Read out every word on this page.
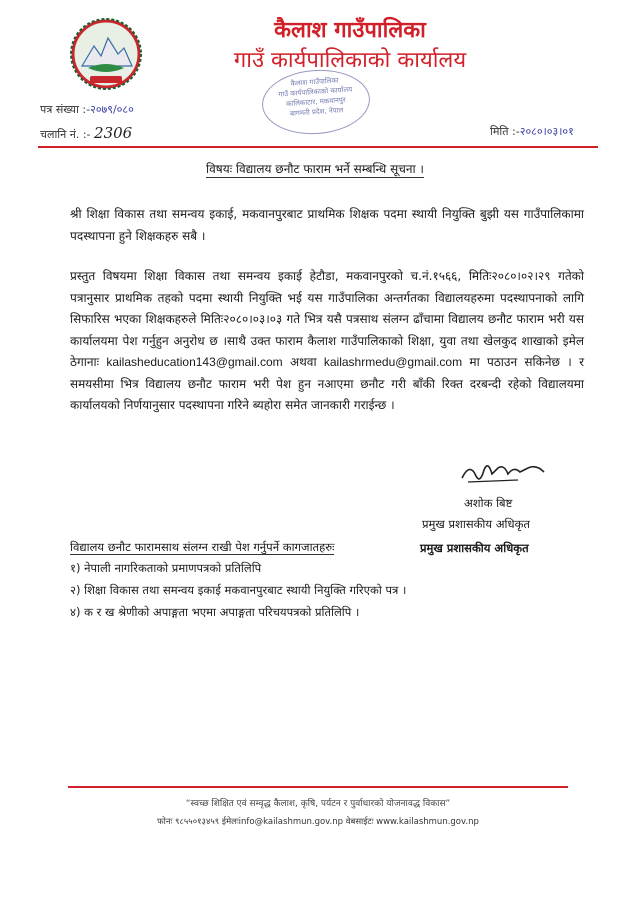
कैलाश गाउँपालिका
गाउँ कार्यपालिकाको कार्यालय
कैलाश गाउँपालिका
गाउँ कार्यपालिकाको कार्यालय
कालिकाटार, मकवानपुर
बागमती प्रदेश, नेपाल
पत्र संख्या :-२०७९/०८०
चलानि नं. :- 2306	मिति :-२०८०।०३।०१
विषयः विद्यालय छनौट फाराम भर्ने सम्बन्धि सूचना ।
श्री शिक्षा विकास तथा समन्वय इकाई, मकवानपुरबाट प्राथमिक शिक्षक पदमा स्थायी नियुक्ति बुझी यस गाउँपालिकामा पदस्थापना हुने शिक्षकहरु सबै ।
प्रस्तुत विषयमा शिक्षा विकास तथा समन्वय इकाई हेटौडा, मकवानपुरको च.नं.१५६६, मितिः२०८०।०२।२९ गतेको पत्रानुसार प्राथमिक तहको पदमा स्थायी नियुक्ति भई यस गाउँपालिका अन्तर्गतका विद्यालयहरुमा पदस्थापनाको लागि सिफारिस भएका शिक्षकहरुले मितिः२०८०।०३।०३ गते भित्र यसै पत्रसाथ संलग्न ढाँचामा विद्यालय छनौट फाराम भरी यस कार्यालयमा पेश गर्नुहुन अनुरोध छ ।साथै उक्त फाराम कैलाश गाउँपालिकाको शिक्षा, युवा तथा खेलकुद शाखाको इमेल ठेगानाः kailasheducation143@gmail.com अथवा kailashrmedu@gmail.com मा पठाउन सकिनेछ । र समयसीमा भित्र विद्यालय छनौट फाराम भरी पेश हुन नआएमा छनौट गरी बाँकी रिक्त दरबन्दी रहेको विद्यालयमा कार्यालयको निर्णयानुसार पदस्थापना गरिने ब्यहोरा समेत जानकारी गराईन्छ ।
अशोक बिष्ट
प्रमुख प्रशासकीय अधिकृत
विद्यालय छनौट फारामसाथ संलग्न राखी पेश गर्नुपर्ने कागजातहरुः	प्रमुख प्रशासकीय अधिकृत
१) नेपाली नागरिकताको प्रमाणपत्रको प्रतिलिपि
२) शिक्षा विकास तथा समन्वय इकाई मकवानपुरबाट स्थायी नियुक्ति गरिएको पत्र ।
४) क र ख श्रेणीको अपाङ्गता भएमा अपाङ्गता परिचयपत्रको प्रतिलिपि ।
“स्वच्छ शिक्षित एवं सम्वृद्ध कैलाश, कृषि, पर्यटन र पुर्वाधारको योजनावद्ध विकास”
फोनः ९८५५०१३४५९ ईमेलःinfo@kailashmun.gov.np वेबसाईटः www.kailashmun.gov.np
